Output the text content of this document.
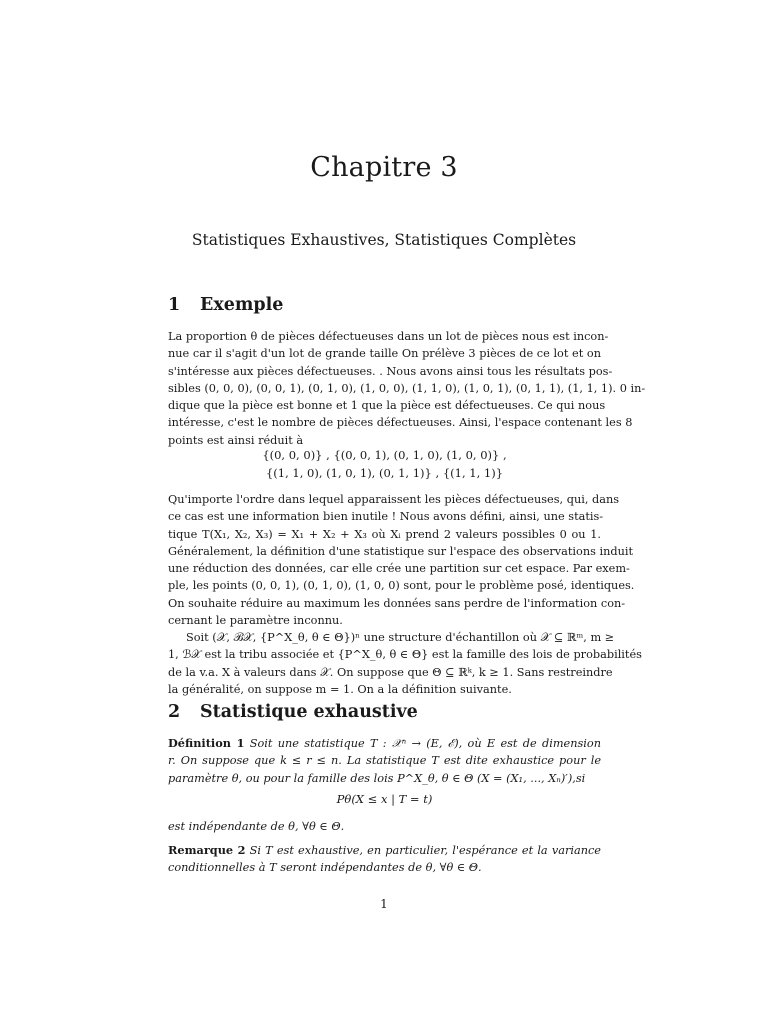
Chapitre 3
Statistiques Exhaustives, Statistiques Complètes
1 Exemple
La proportion θ de pièces défectueuses dans un lot de pièces nous est incon-
nue car il s'agit d'un lot de grande taille On prélève 3 pièces de ce lot et on
s'intéresse aux pièces défectueuses. . Nous avons ainsi tous les résultats pos-
sibles (0, 0, 0), (0, 0, 1), (0, 1, 0), (1, 0, 0), (1, 1, 0), (1, 0, 1), (0, 1, 1), (1, 1, 1). 0 in-
dique que la pièce est bonne et 1 que la pièce est défectueuses. Ce qui nous
intéresse, c'est le nombre de pièces défectueuses. Ainsi, l'espace contenant les 8
points est ainsi réduit à
{(0, 0, 0)} , {(0, 0, 1), (0, 1, 0), (1, 0, 0)} ,
{(1, 1, 0), (1, 0, 1), (0, 1, 1)} , {(1, 1, 1)}
Qu'importe l'ordre dans lequel apparaissent les pièces défectueuses, qui, dans
ce cas est une information bien inutile ! Nous avons défini, ainsi, une statis-
tique T(X₁, X₂, X₃) = X₁ + X₂ + X₃ où Xᵢ prend 2 valeurs possibles 0 ou 1.
Généralement, la définition d'une statistique sur l'espace des observations induit
une réduction des données, car elle crée une partition sur cet espace. Par exem-
ple, les points (0, 0, 1), (0, 1, 0), (1, 0, 0) sont, pour le problème posé, identiques.
On souhaite réduire au maximum les données sans perdre de l'information con-
cernant le paramètre inconnu.
Soit (𝒳, ℬ𝒳, {P^X_θ, θ ∈ Θ})ⁿ une structure d'échantillon où 𝒳 ⊆ ℝᵐ, m ≥
1, ℬ𝒳 est la tribu associée et {P^X_θ, θ ∈ Θ} est la famille des lois de probabilités
de la v.a. X à valeurs dans 𝒳. On suppose que Θ ⊆ ℝᵏ, k ≥ 1. Sans restreindre
la généralité, on suppose m = 1. On a la définition suivante.
2 Statistique exhaustive
Définition 1 Soit une statistique T : 𝒳ⁿ → (E, ℰ), où E est de dimension
r. On suppose que k ≤ r ≤ n. La statistique T est dite exhaustice pour le
paramètre θ, ou pour la famille des lois P^X_θ, θ ∈ Θ (X = (X₁, ..., Xₙ)′),si
Pθ(X ≤ x | T = t)
est indépendante de θ, ∀θ ∈ Θ.
Remarque 2 Si T est exhaustive, en particulier, l'espérance et la variance
conditionnelles à T seront indépendantes de θ, ∀θ ∈ Θ.
1
